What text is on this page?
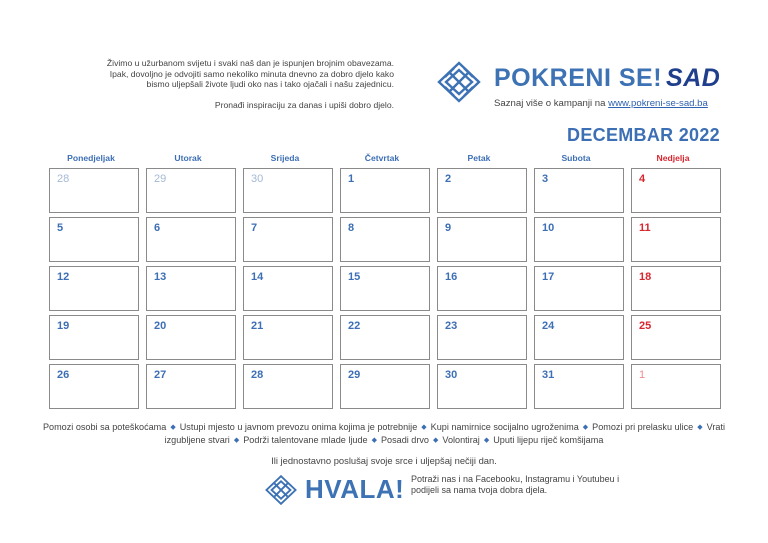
Živimo u užurbanom svijetu i svaki naš dan je ispunjen brojnim obavezama.

Ipak, dovoljno je odvojiti samo nekoliko minuta dnevno za dobro djelo kako

bismo uljepšali živote ljudi oko nas i tako ojačali i našu zajednicu.

Pronađi inspiraciju za danas i upiši dobro djelo.

POKRENI SE! SAD
Saznaj više o kampanji na www.pokreni-se-sad.ba
DECEMBAR 2022
Ponedjeljak	Utorak	Srijeda	Četvrtak	Petak	Subota	Nedjelja
28	29	30	1	2	3	4
5	6	7	8	9	10	11
12	13	14	15	16	17	18
19	20	21	22	23	24	25
26	27	28	29	30	31	1
Pomozi osobi sa poteškoćama ◆ Ustupi mjesto u javnom prevozu onima kojima je potrebnije ◆ Kupi namirnice socijalno ugroženima ◆ Pomozi pri prelasku ulice ◆ Vrati izgubljene stvari ◆ Podrži talentovane mlade ljude ◆ Posadi drvo ◆ Volontiraj ◆ Uputi lijepu riječ komšijama
Ili jednostavno poslušaj svoje srce i uljepšaj nečiji dan.
HVALA! Potraži nas i na Facebooku, Instagramu i Youtubeu i podijeli sa nama tvoja dobra djela.
